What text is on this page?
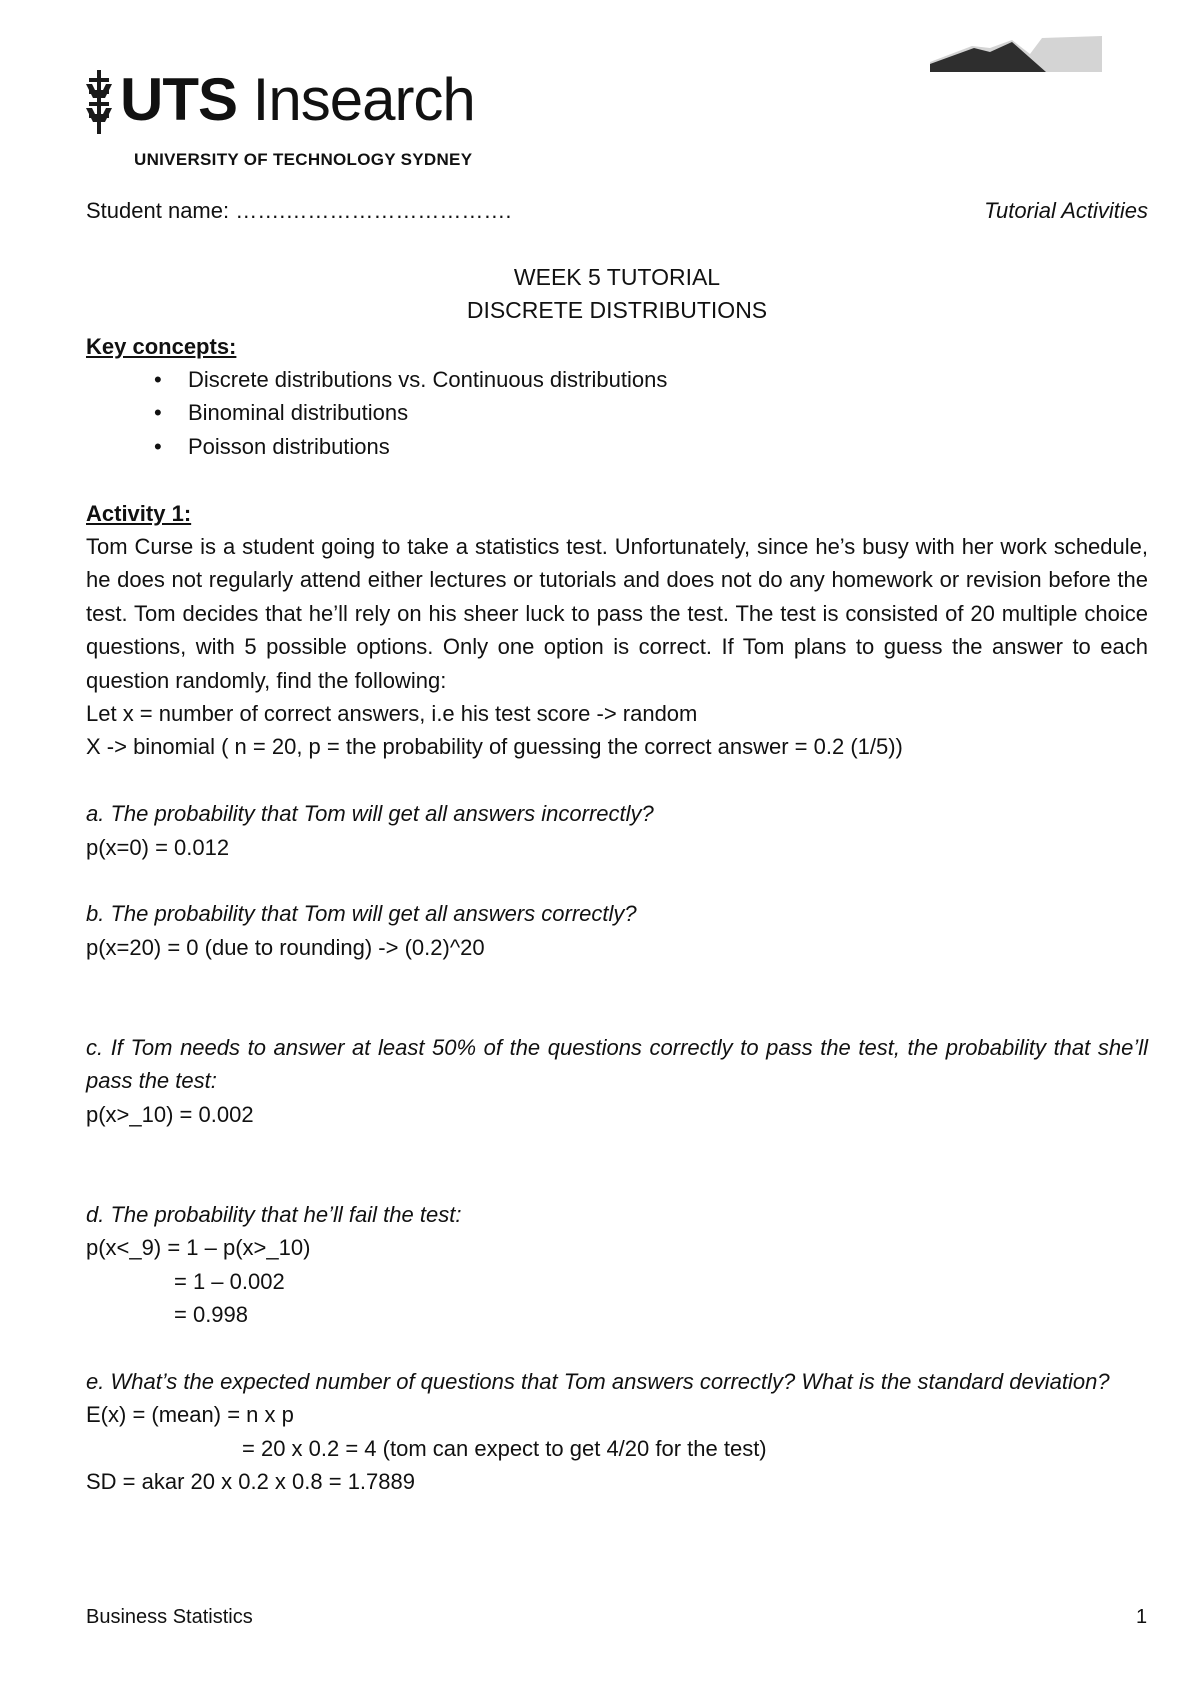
UTS Insearch
UNIVERSITY OF TECHNOLOGY SYDNEY
Student name: …….………………………….	Tutorial Activities
WEEK 5 TUTORIAL
DISCRETE DISTRIBUTIONS
Key concepts:
• Discrete distributions vs. Continuous distributions
• Binominal distributions
• Poisson distributions
Activity 1:
Tom Curse is a student going to take a statistics test. Unfortunately, since he’s busy with her work schedule, he does not regularly attend either lectures or tutorials and does not do any homework or revision before the test. Tom decides that he’ll rely on his sheer luck to pass the test. The test is consisted of 20 multiple choice questions, with 5 possible options. Only one option is correct. If Tom plans to guess the answer to each question randomly, find the following:
Let x = number of correct answers, i.e his test score -> random
X -> binomial ( n = 20, p = the probability of guessing the correct answer = 0.2 (1/5))
a. The probability that Tom will get all answers incorrectly?
p(x=0) = 0.012
b. The probability that Tom will get all answers correctly?
p(x=20) = 0 (due to rounding) -> (0.2)^20
c. If Tom needs to answer at least 50% of the questions correctly to pass the test, the probability that she’ll pass the test:
p(x>_10) = 0.002
d. The probability that he’ll fail the test:
p(x<_9) = 1 – p(x>_10)
= 1 – 0.002
= 0.998
e. What’s the expected number of questions that Tom answers correctly? What is the standard deviation?
E(x) = (mean) = n x p
= 20 x 0.2 = 4 (tom can expect to get 4/20 for the test)
SD = akar 20 x 0.2 x 0.8 = 1.7889
Business Statistics	1
